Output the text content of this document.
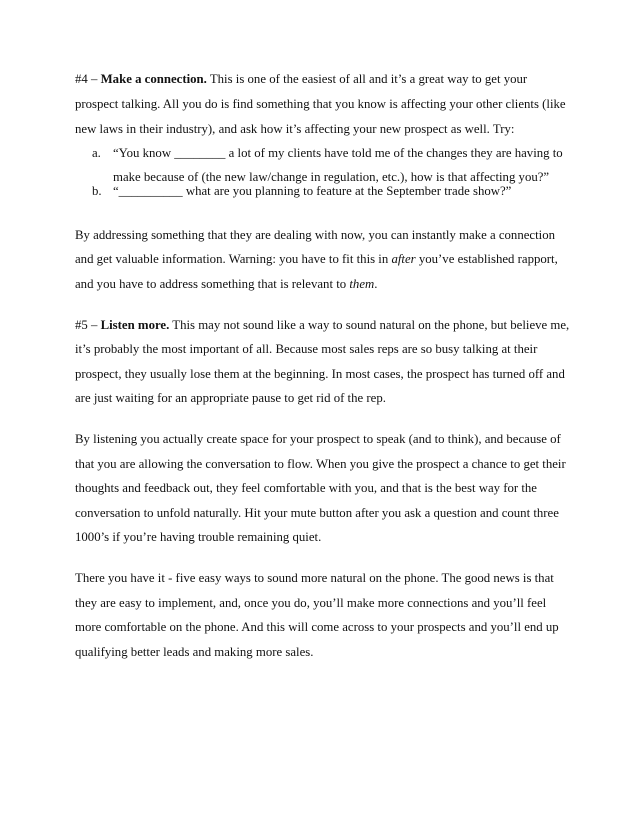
#4 – Make a connection. This is one of the easiest of all and it’s a great way to get your
prospect talking. All you do is find something that you know is affecting your other clients (like
new laws in their industry), and ask how it’s affecting your new prospect as well. Try:
a. “You know ________ a lot of my clients have told me of the changes they are having to
make because of (the new law/change in regulation, etc.), how is that affecting you?”
b. “__________ what are you planning to feature at the September trade show?”
By addressing something that they are dealing with now, you can instantly make a connection
and get valuable information. Warning: you have to fit this in after you’ve established rapport,
and you have to address something that is relevant to them.
#5 – Listen more. This may not sound like a way to sound natural on the phone, but believe me,
it’s probably the most important of all. Because most sales reps are so busy talking at their
prospect, they usually lose them at the beginning. In most cases, the prospect has turned off and
are just waiting for an appropriate pause to get rid of the rep.
By listening you actually create space for your prospect to speak (and to think), and because of
that you are allowing the conversation to flow. When you give the prospect a chance to get their
thoughts and feedback out, they feel comfortable with you, and that is the best way for the
conversation to unfold naturally. Hit your mute button after you ask a question and count three
1000’s if you’re having trouble remaining quiet.
There you have it - five easy ways to sound more natural on the phone. The good news is that
they are easy to implement, and, once you do, you’ll make more connections and you’ll feel
more comfortable on the phone. And this will come across to your prospects and you’ll end up
qualifying better leads and making more sales.
